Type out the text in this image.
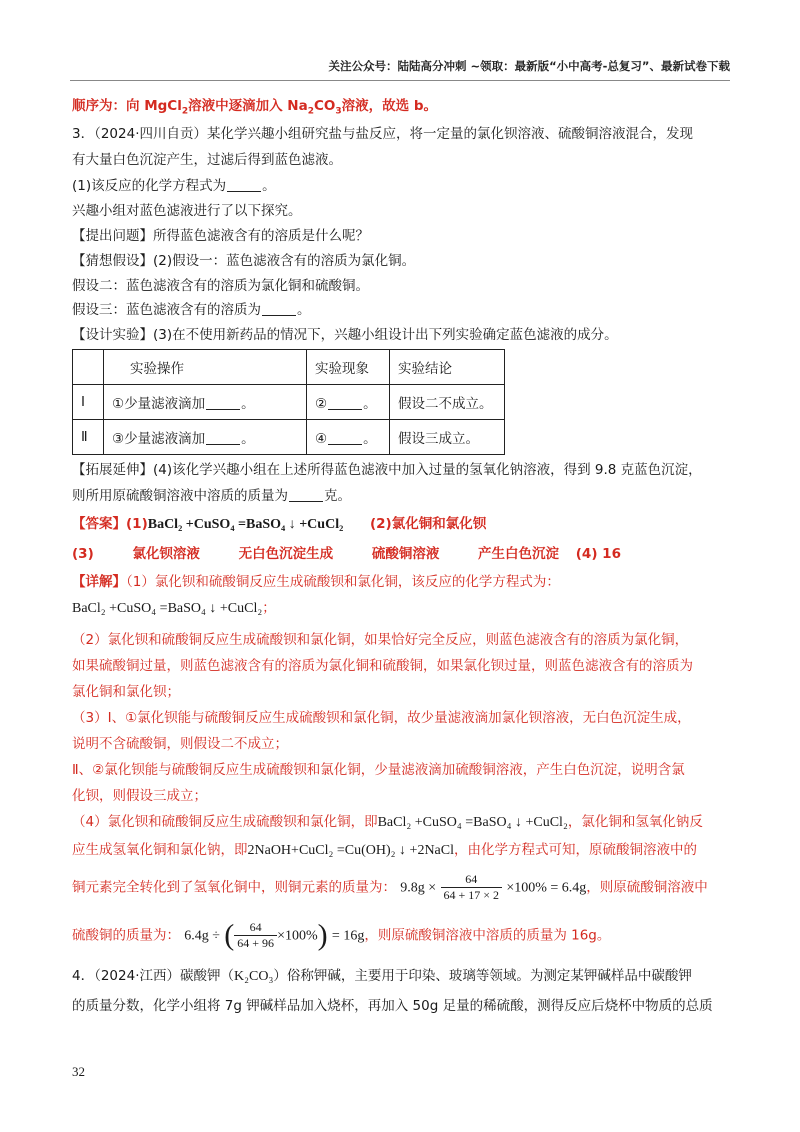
关注公众号：陆陆高分冲刺 ~领取：最新版“小中高考-总复习”、最新试卷下载
顺序为：向 MgCl$_2$溶液中逐滴加入 $Na_2CO_3$溶液，故选 b。
3．（2024·四川自贡）某化学兴趣小组研究盐与盐反应，将一定量的氯化钡溶液、硫酸铜溶液混合，发现
有大量白色沉淀产生，过滤后得到蓝色滤液。
(1)该反应的化学方程式为	。
兴趣小组对蓝色滤液进行了以下探究。
【提出问题】所得蓝色滤液含有的溶质是什么呢？
【猜想假设】(2)假设一：蓝色滤液含有的溶质为氯化铜。
假设二：蓝色滤液含有的溶质为氯化铜和硫酸铜。
假设三：蓝色滤液含有的溶质为	。
【设计实验】(3)在不使用新药品的情况下，兴趣小组设计出下列实验确定蓝色滤液的成分。
	实验操作	实验现象	实验结论
Ⅰ	①少量滤液滴加 。	② 。	假设二不成立。
Ⅱ	③少量滤液滴加 。	④ 。	假设三成立。
【拓展延伸】(4)该化学兴趣小组在上述所得蓝色滤液中加入过量的氢氧化钠溶液，得到 9.8 克蓝色沉淀，
则所用原硫酸铜溶液中溶质的质量为	克。
【答案】(1)BaCl₂ +CuSO₄ =BaSO₄ ↓ +CuCl₂ (2)氯化铜和氯化钡
(3)	氯化钡溶液	无白色沉淀生成	硫酸铜溶液	产生白色沉淀 (4) 16
【详解】（1）氯化钡和硫酸铜反应生成硫酸钡和氯化铜，该反应的化学方程式为：
BaCl₂ +CuSO₄ =BaSO₄ ↓ +CuCl₂；
（2）氯化钡和硫酸铜反应生成硫酸钡和氯化铜，如果恰好完全反应，则蓝色滤液含有的溶质为氯化铜，
如果硫酸铜过量，则蓝色滤液含有的溶质为氯化铜和硫酸铜，如果氯化钡过量，则蓝色滤液含有的溶质为
氯化铜和氯化钡；
（3）Ⅰ、①氯化钡能与硫酸铜反应生成硫酸钡和氯化铜，故少量滤液滴加氯化钡溶液，无白色沉淀生成，
说明不含硫酸铜，则假设二不成立；
Ⅱ、②氯化钡能与硫酸铜反应生成硫酸钡和氯化铜，少量滤液滴加硫酸铜溶液，产生白色沉淀，说明含氯
化钡，则假设三成立；
（4）氯化钡和硫酸铜反应生成硫酸钡和氯化铜，即BaCl₂ +CuSO₄ =BaSO₄ ↓ +CuCl₂，氯化铜和氢氧化钠反
应生成氢氧化铜和氯化钠，即2NaOH+CuCl₂ =Cu(OH)₂ ↓ +2NaCl，由化学方程式可知，原硫酸铜溶液中的
铜元素完全转化到了氢氧化铜中，则铜元素的质量为： $9.8g \times \frac{64}{64 + 17 \times 2} \times 100\% = 6.4g$，则原硫酸铜溶液中
硫酸铜的质量为： 6.4g ÷ ( $\frac{64}{64 + 96} \times 100\%) = 16g$，则原硫酸铜溶液中溶质的质量为 16g。
4．（2024·江西）碳酸钾（K₂CO₃）俗称钾碱，主要用于印染、玻璃等领域。为测定某钾碱样品中碳酸钾
的质量分数，化学小组将 7g 钾碱样品加入烧杯，再加入 50g 足量的稀硫酸，测得反应后烧杯中物质的总质
32
